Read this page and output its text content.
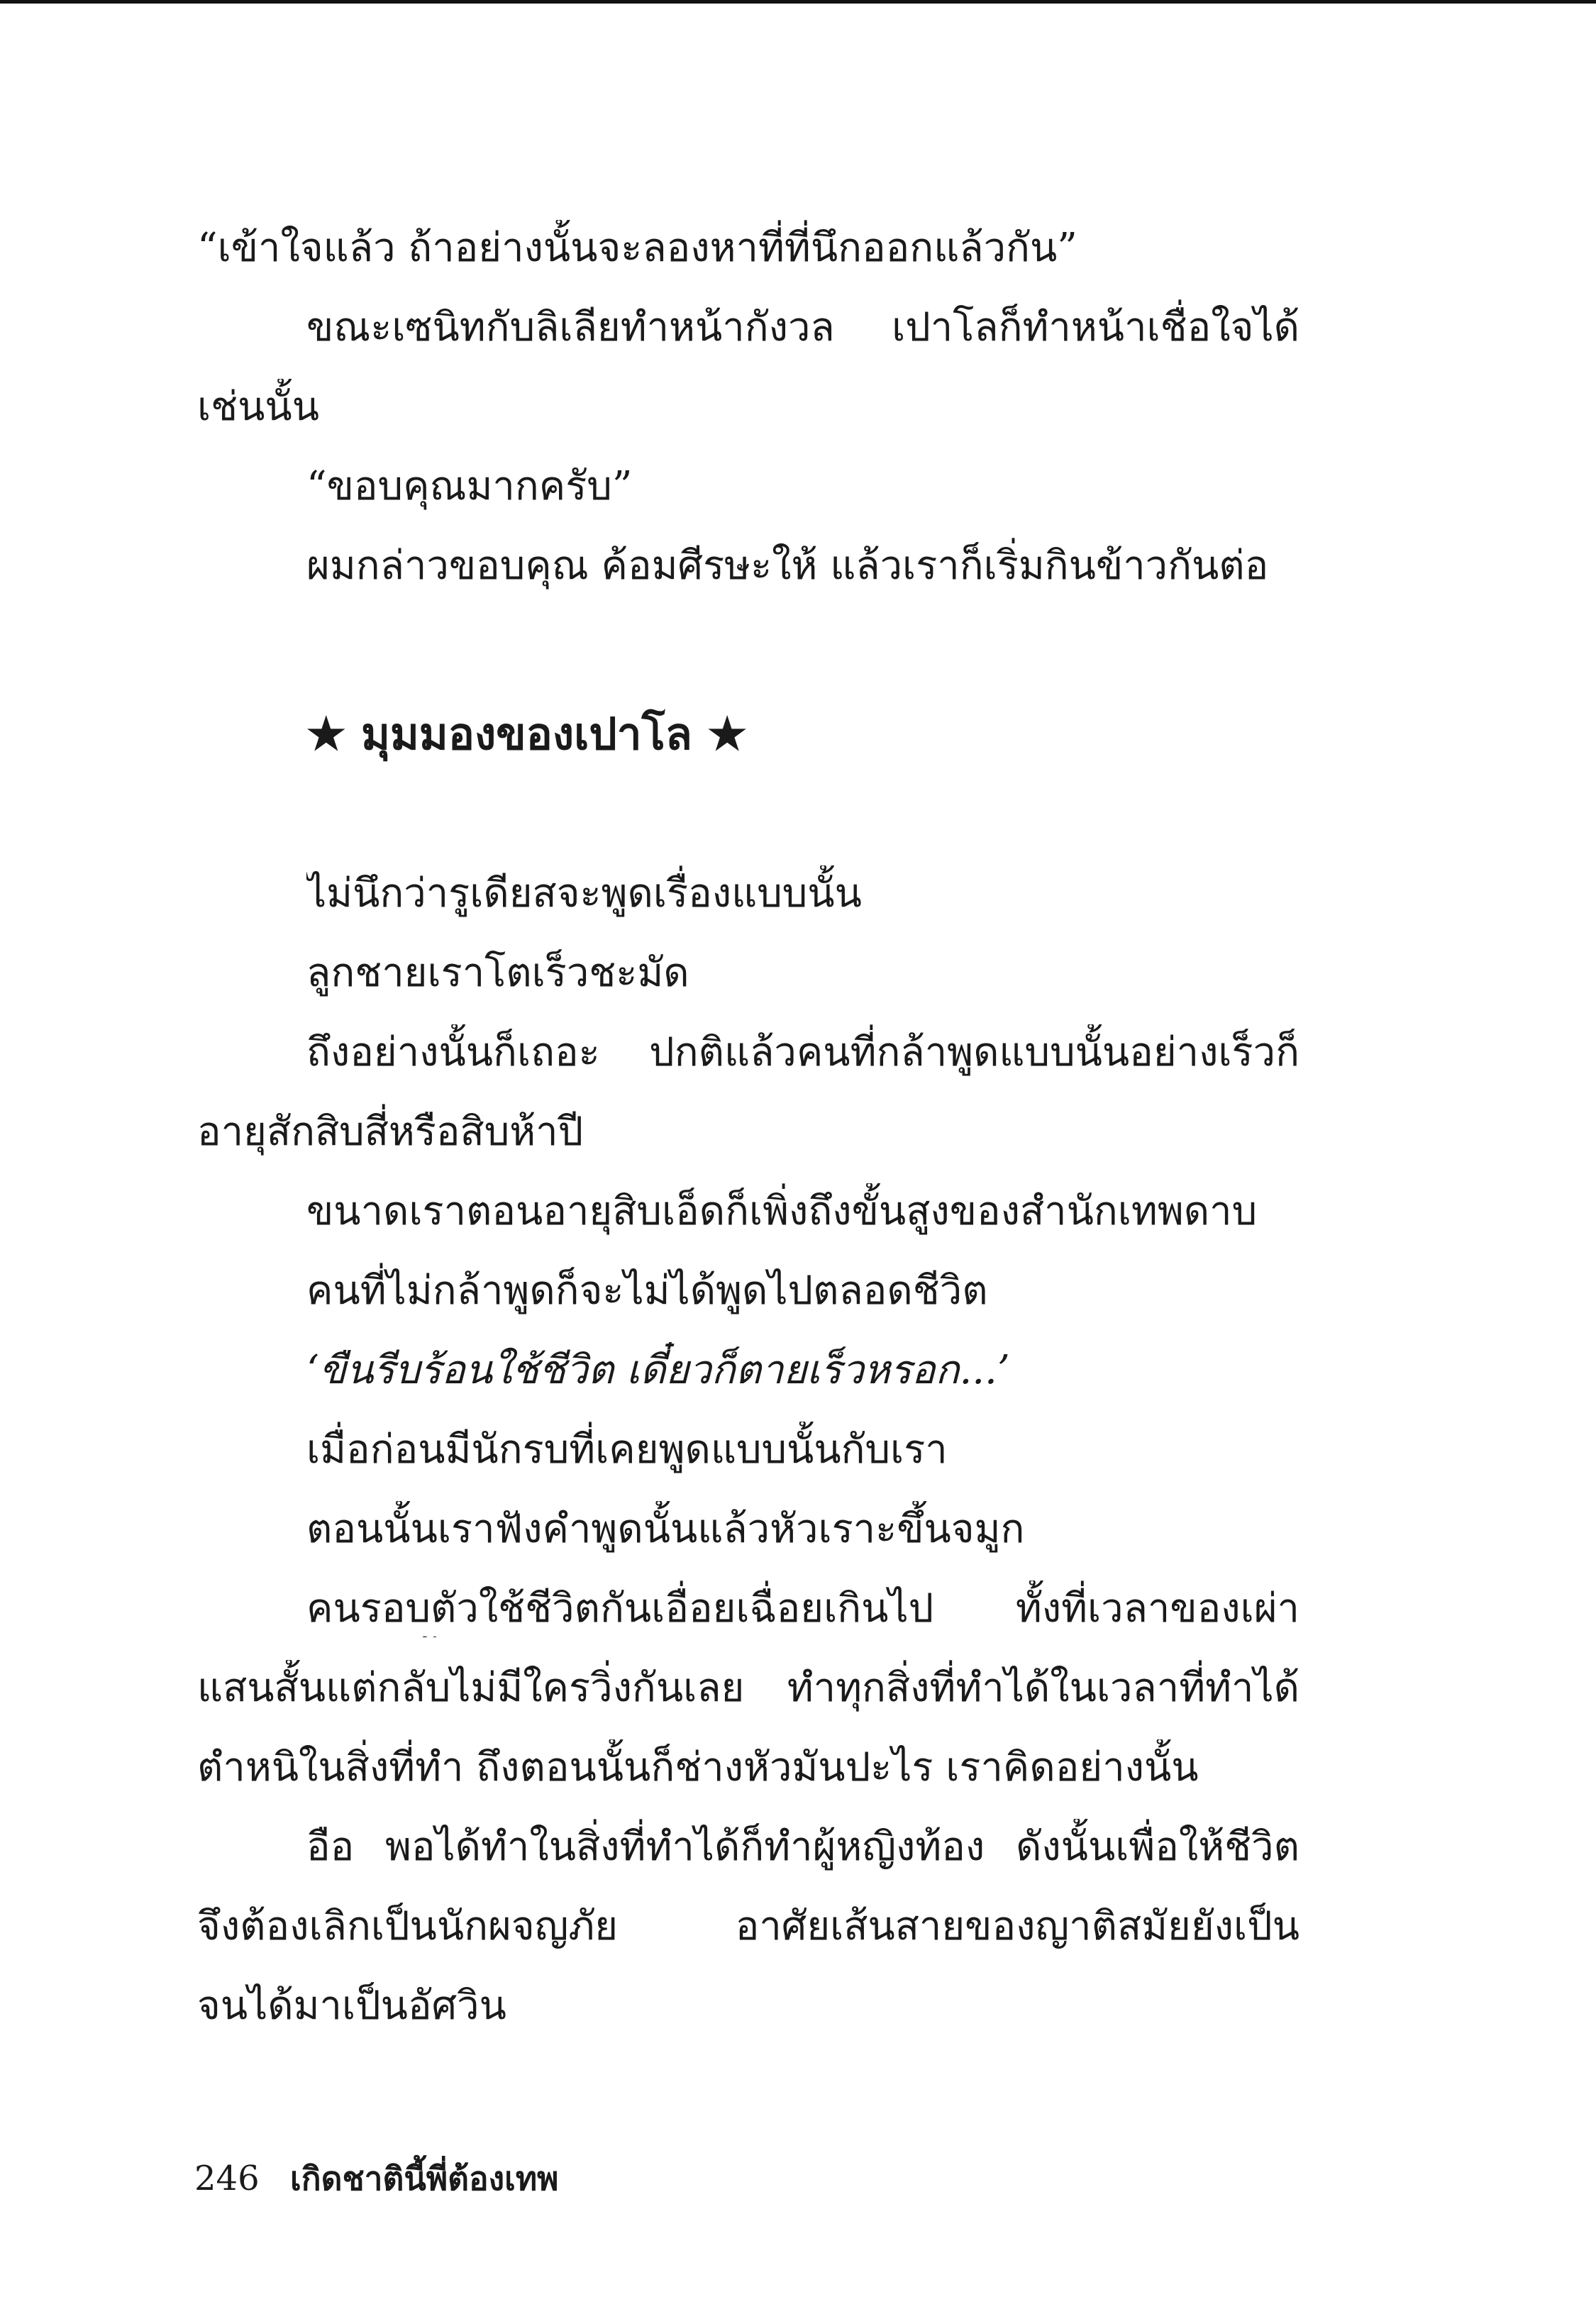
“เข้าใจแล้ว ถ้าอย่างนั้นจะลองหาที่ที่นึกออกแล้วกัน”
ขณะเซนิทกับลิเลียทำหน้ากังวล เปาโลก็ทำหน้าเชื่อใจได้
เช่นนั้น
“ขอบคุณมากครับ”
ผมกล่าวขอบคุณ ค้อมศีรษะให้ แล้วเราก็เริ่มกินข้าวกันต่อ
★ มุมมองของเปาโล ★
ไม่นึกว่ารูเดียสจะพูดเรื่องแบบนั้น
ลูกชายเราโตเร็วชะมัด
ถึงอย่างนั้นก็เถอะ ปกติแล้วคนที่กล้าพูดแบบนั้นอย่างเร็วก็
อายุสักสิบสี่หรือสิบห้าปี
ขนาดเราตอนอายุสิบเอ็ดก็เพิ่งถึงขั้นสูงของสำนักเทพดาบ
คนที่ไม่กล้าพูดก็จะไม่ได้พูดไปตลอดชีวิต
‘ขืนรีบร้อนใช้ชีวิต เดี๋ยวก็ตายเร็วหรอก...’
เมื่อก่อนมีนักรบที่เคยพูดแบบนั้นกับเรา
ตอนนั้นเราฟังคำพูดนั้นแล้วหัวเราะขึ้นจมูก
คนรอบตัวใช้ชีวิตกันเอื่อยเฉื่อยเกินไป ทั้งที่เวลาของเผ่า
แสนสั้นแต่กลับไม่มีใครวิ่งกันเลย ทำทุกสิ่งที่ทำได้ในเวลาที่ทำได้
ตำหนิในสิ่งที่ทำ ถึงตอนนั้นก็ช่างหัวมันปะไร เราคิดอย่างนั้น
อือ พอได้ทำในสิ่งที่ทำได้ก็ทำผู้หญิงท้อง ดังนั้นเพื่อให้ชีวิต
จึงต้องเลิกเป็นนักผจญภัย อาศัยเส้นสายของญาติสมัยยังเป็น
จนได้มาเป็นอัศวิน
246 เกิดชาตินี้พี่ต้องเทพ
